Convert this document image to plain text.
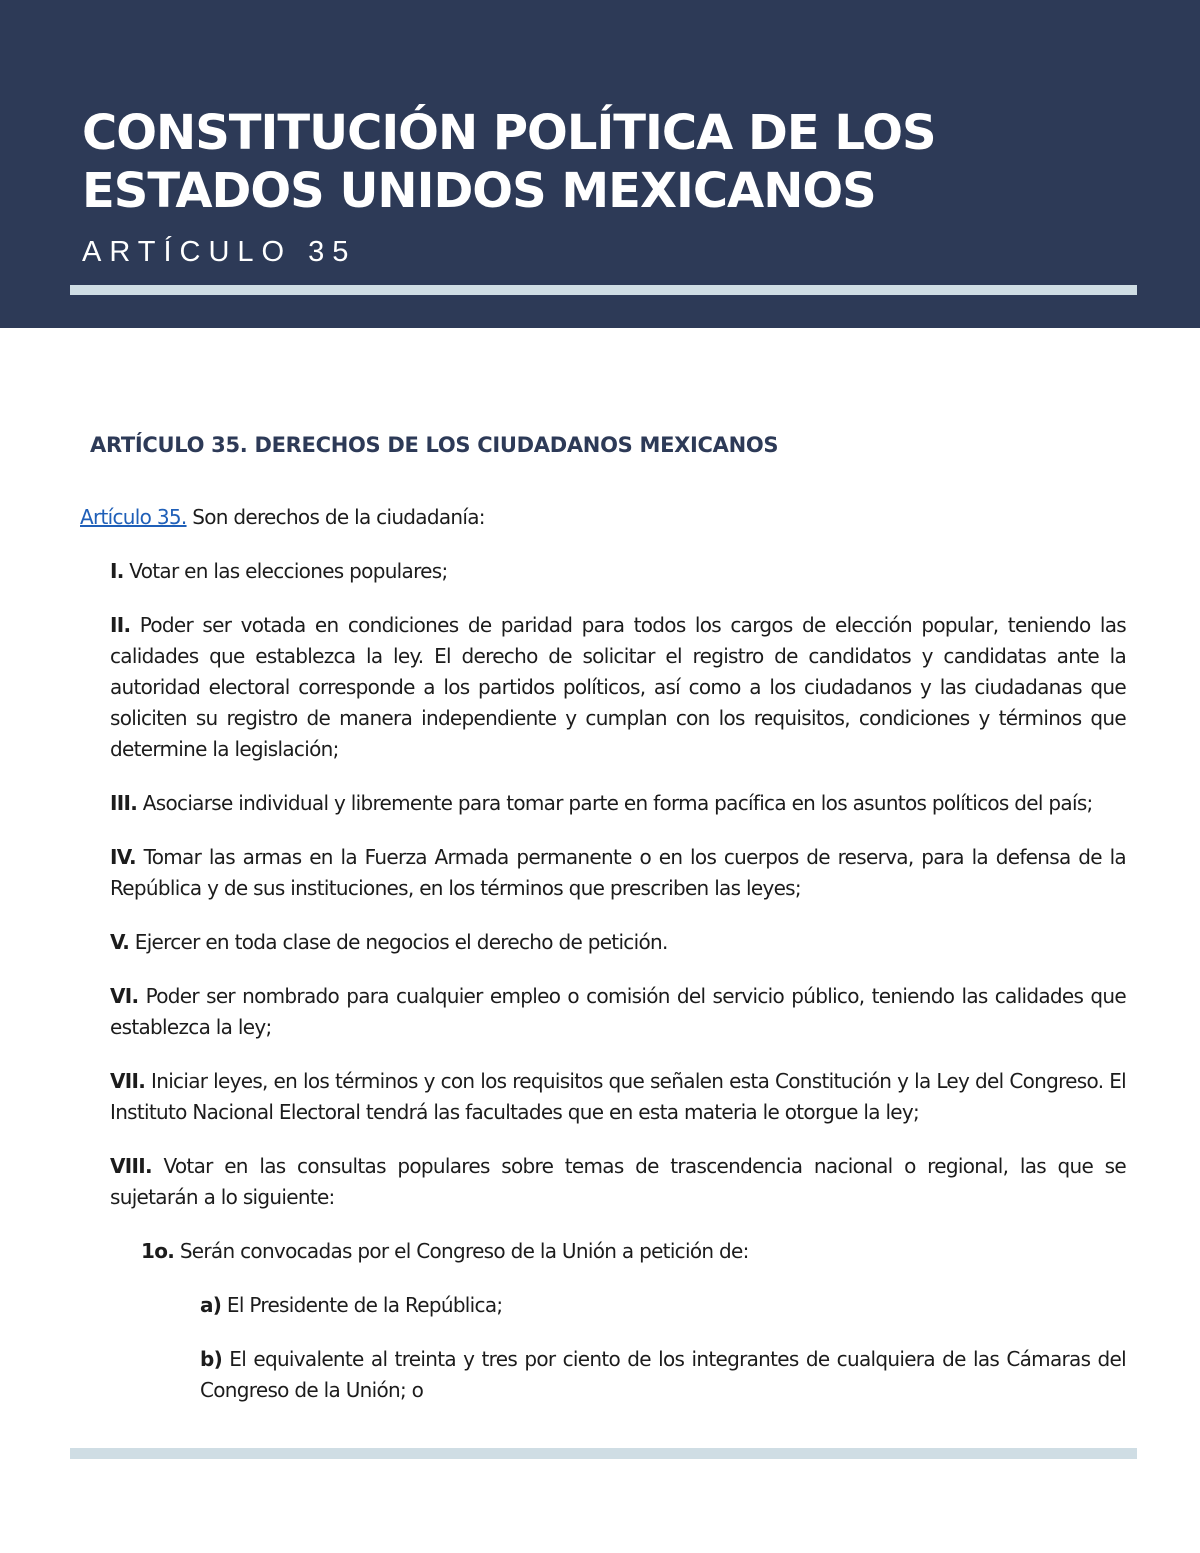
CONSTITUCIÓN POLÍTICA DE LOS ESTADOS UNIDOS MEXICANOS
ARTÍCULO 35
ARTÍCULO 35. DERECHOS DE LOS CIUDADANOS MEXICANOS

Artículo 35. Son derechos de la ciudadanía:

I. Votar en las elecciones populares;

II. Poder ser votada en condiciones de paridad para todos los cargos de elección popular, teniendo las calidades que establezca la ley. El derecho de solicitar el registro de candidatos y candidatas ante la autoridad electoral corresponde a los partidos políticos, así como a los ciudadanos y las ciudadanas que soliciten su registro de manera independiente y cumplan con los requisitos, condiciones y términos que determine la legislación;

III. Asociarse individual y libremente para tomar parte en forma pacífica en los asuntos políticos del país;

IV. Tomar las armas en la Fuerza Armada permanente o en los cuerpos de reserva, para la defensa de la República y de sus instituciones, en los términos que prescriben las leyes;

V. Ejercer en toda clase de negocios el derecho de petición.

VI. Poder ser nombrado para cualquier empleo o comisión del servicio público, teniendo las calidades que establezca la ley;

VII. Iniciar leyes, en los términos y con los requisitos que señalen esta Constitución y la Ley del Congreso. El Instituto Nacional Electoral tendrá las facultades que en esta materia le otorgue la ley;

VIII. Votar en las consultas populares sobre temas de trascendencia nacional o regional, las que se sujetarán a lo siguiente:

1o. Serán convocadas por el Congreso de la Unión a petición de:

a) El Presidente de la República;

b) El equivalente al treinta y tres por ciento de los integrantes de cualquiera de las Cámaras del Congreso de la Unión; o
